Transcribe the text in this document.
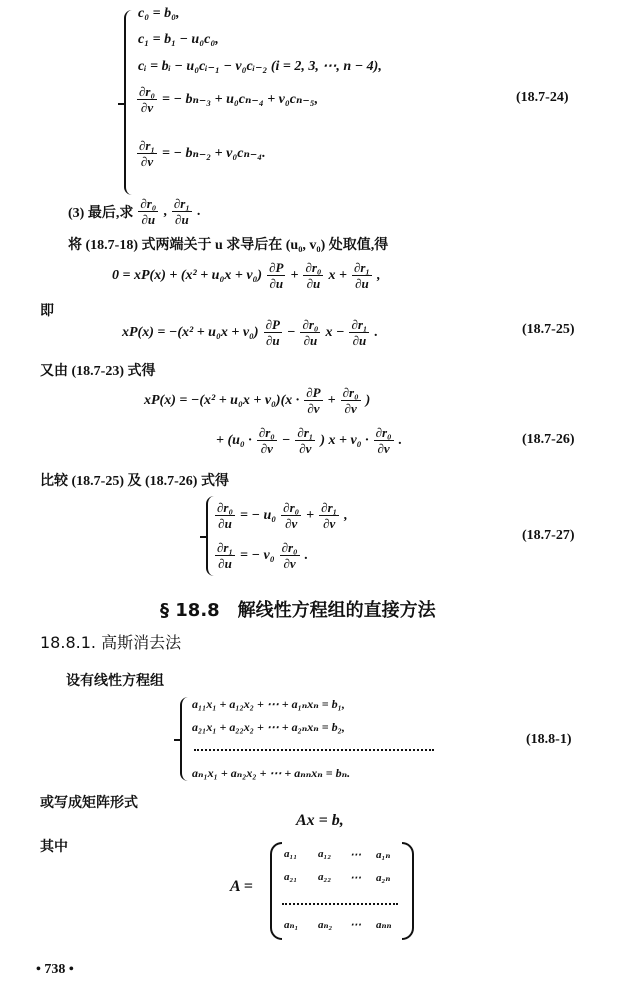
c₀ = b₀,
c₁ = b₁ − u₀c₀,
cᵢ = bᵢ − u₀cᵢ₋₁ − v₀cᵢ₋₂ (i = 2, 3, ⋯, n − 4),
$\frac{\text{∂r₀}}{\partial v}$ = − bₙ₋₃ + u₀cₙ₋₄ + v₀cₙ₋₅,
$\frac{\text{∂r₁}}{\partial v}$ = − bₙ₋₂ + v₀cₙ₋₄.
(18.7-24)
(3) 最后,求 $\frac{\text{∂r₀}}{\partial u}$ , $\frac{\text{∂r₁}}{\partial u}$ .
将 (18.7-18) 式两端关于 u 求导后在 (u₀, v₀) 处取值,得
$0 = xP(x) + (x^2 + u_0x + v_0) \frac{\partial P}{\partial u} + \frac{\text{∂r₀}}{\partial u}$ $x + \frac{\text{∂r₁}}{\partial u}$ ,
即
$xP(x) = -(x^2 + u_0x + v_0) \frac{\partial P}{\partial u} - \frac{\text{∂r₀}}{\partial u}$ $x - \frac{\text{∂r₁}}{\partial u}$ .	(18.7-25)
又由 (18.7-23) 式得
$xP(x) = -(x^2 + u_0x + v_0)(x \cdot \frac{\partial P}{\partial v} + \frac{\text{∂r₀}}{\partial v}$ )
+ ($u_0 \cdot \frac{\text{∂r₀}}{\partial v} - \frac{\text{∂r₁}}{\partial v}$ ) $x + v_0 \cdot \frac{\text{∂r₀}}{\partial v}$ .	(18.7-26)
比较 (18.7-25) 及 (18.7-26) 式得
$\frac{\text{∂r₀}}{\partial u}$ = − $u_0 \frac{\text{∂r₀}}{\partial v} + \frac{\text{∂r₁}}{\partial v}$ ,
$\frac{\text{∂r₁}}{\partial u}$ = − $v_0 \frac{\text{∂r₀}}{\partial v}$ .
(18.7-27)
§ 18.8　解线性方程组的直接方法
18.8.1. 高斯消去法
设有线性方程组
a₁₁x₁ + a₁₂x₂ + ⋯ + a₁ₙxₙ = b₁,
a₂₁x₁ + a₂₂x₂ + ⋯ + a₂ₙxₙ = b₂,
aₙ₁x₁ + aₙ₂x₂ + ⋯ + aₙₙxₙ = bₙ.
(18.8-1)
或写成矩阵形式
Ax = b,
其中
A =
a₁₁ a₁₂ ⋯ a₁ₙ
a₂₁ a₂₂ ⋯ a₂ₙ
aₙ₁ aₙ₂ ⋯ aₙₙ
• 738 •
